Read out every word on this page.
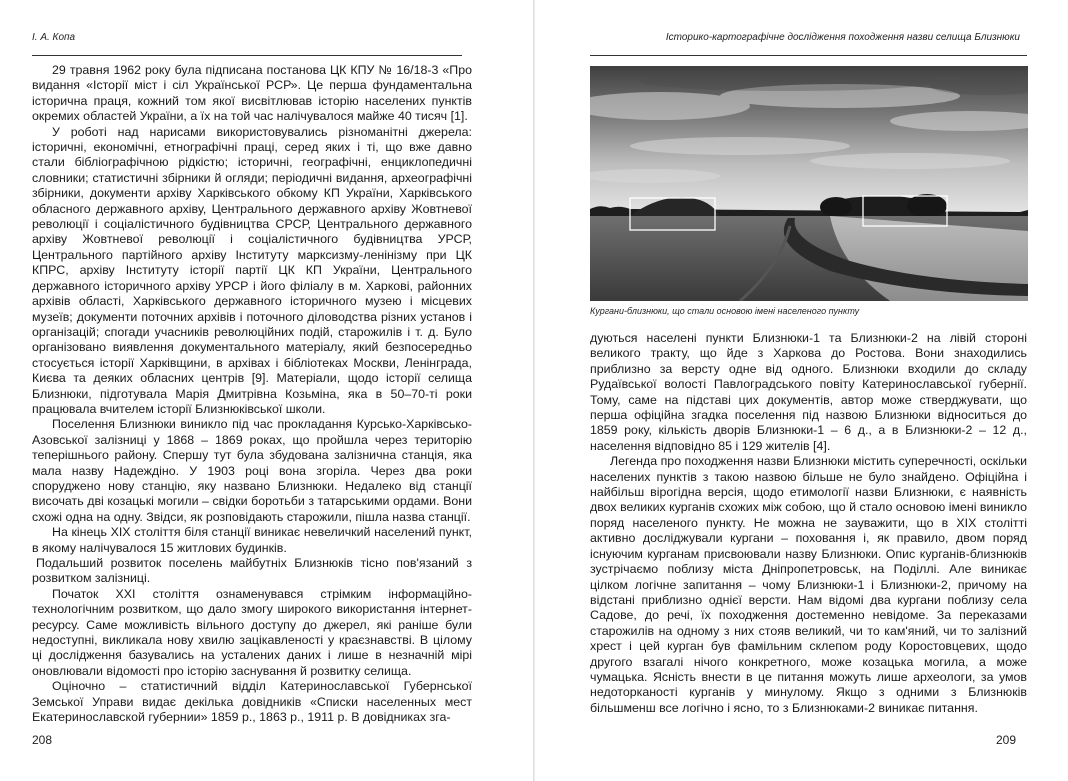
І. А. Копа

29 травня 1962 року була підписана постанова ЦК КПУ № 16/18-3 «Про видання «Історії міст і сіл Української РСР». Це перша фундаментальна історична праця, кожний том якої висвітлював історію населених пунктів окремих областей України, а їх на той час налічувалося майже 40 тисяч [1].

У роботі над нарисами використовувались різноманітні джерела: історичні, економічні, етнографічні праці, серед яких і ті, що вже давно стали бібліографічною рідкістю; історичні, географічні, енциклопедичні словники; статистичні збірники й огляди; періодичні видання, археографічні збірники, документи архіву Харківського обкому КП України, Харківського обласного державного архіву, Центрального державного архіву Жовтневої революції і соціалістичного будівництва СРСР, Центрального державного архіву Жовтневої революції і соціалістичного будівництва УРСР, Центрального партійного архіву Інституту марксизму-ленінізму при ЦК КПРС, архіву Інституту історії партії ЦК КП України, Центрального державного історичного архіву УРСР і його філіалу в м. Харкові, районних архівів області, Харківського державного історичного музею і місцевих музеїв; документи поточних архівів і поточного діловодства різних установ і організацій; спогади учасників революційних подій, старожилів і т. д. Було організовано виявлення документального матеріалу, який безпосередньо стосується історії Харківщини, в архівах і бібліотеках Москви, Ленінграда, Києва та деяких обласних центрів [9]. Матеріали, щодо історії селища Близнюки, підготувала Марія Дмитрівна Козьміна, яка в 50–70-ті роки працювала вчителем історії Близнюківської школи.

Поселення Близнюки виникло під час прокладання Курсько-Харківсько-Азовської залізниці у 1868 – 1869 роках, що пройшла через територію теперішнього району. Спершу тут була збудована залізнична станція, яка мала назву Надеждіно. У 1903 році вона згоріла. Через два роки споруджено нову станцію, яку названо Близнюки. Недалеко від станції височать дві козацькі могили – свідки боротьби з татарськими ордами. Вони схожі одна на одну. Звідси, як розповідають старожили, пішла назва станції.

На кінець ХІХ століття біля станції виникає невеличкий населений пункт, в якому налічувалося 15 житлових будинків.

Подальший розвиток поселень майбутніх Близнюків тісно пов'язаний з розвитком залізниці.

Початок ХХІ століття ознаменувався стрімким інформаційно-технологічним розвитком, що дало змогу широкого використання інтернет-ресурсу. Саме можливість вільного доступу до джерел, які раніше були недоступні, викликала нову хвилю зацікавленості у краєзнавстві. В цілому ці дослідження базувались на усталених даних і лише в незначній мірі оновлювали відомості про історію заснування й розвитку селища.

Оціночно – статистичний відділ Катеринославської Губернської Земської Управи видає декілька довідників «Списки населенных мест Екатеринославской губернии» 1859 р., 1863 р., 1911 р. В довідниках зга-

208
Історико-картографічне дослідження походження назви селища Близнюки
Кургани-близнюки, що стали основою імені населеного пункту

дуються населені пункти Близнюки-1 та Близнюки-2 на лівій стороні великого тракту, що йде з Харкова до Ростова. Вони знаходились приблизно за версту одне від одного. Близнюки входили до складу Рудаївської волості Павлоградського повіту Катеринославської губернії. Тому, саме на підставі цих документів, автор може стверджувати, що перша офіційна згадка поселення під назвою Близнюки відноситься до 1859 року, кількість дворів Близнюки-1 – 6 д., а в Близнюки-2 – 12 д., населення відповідно 85 і 129 жителів [4].

Легенда про походження назви Близнюки містить суперечності, оскільки населених пунктів з такою назвою більше не було знайдено. Офіційна і найбільш вірогідна версія, щодо етимології назви Близнюки, є наявність двох великих курганів схожих між собою, що й стало основою імені виникло поряд населеного пункту. Не можна не зауважити, що в ХІХ столітті активно досліджували кургани – поховання і, як правило, двом поряд існуючим курганам присвоювали назву Близнюки. Опис курганів-близнюків зустрічаємо поблизу міста Дніпропетровськ, на Поділлі. Але виникає цілком логічне запитання – чому Близнюки-1 і Близнюки-2, причому на відстані приблизно однієї версти. Нам відомі два кургани поблизу села Садове, до речі, їх походження достеменно невідоме. За переказами старожилів на одному з них стояв великий, чи то кам'яний, чи то залізний хрест і цей курган був фамільним склепом роду Коростовцевих, щодо другого взагалі нічого конкретного, може козацька могила, а може чумацька. Ясність внести в це питання можуть лише археологи, за умов недоторканості курганів у минулому. Якщо з одними з Близнюків більшменш все логічно і ясно, то з Близнюками-2 виникає питання.

209
